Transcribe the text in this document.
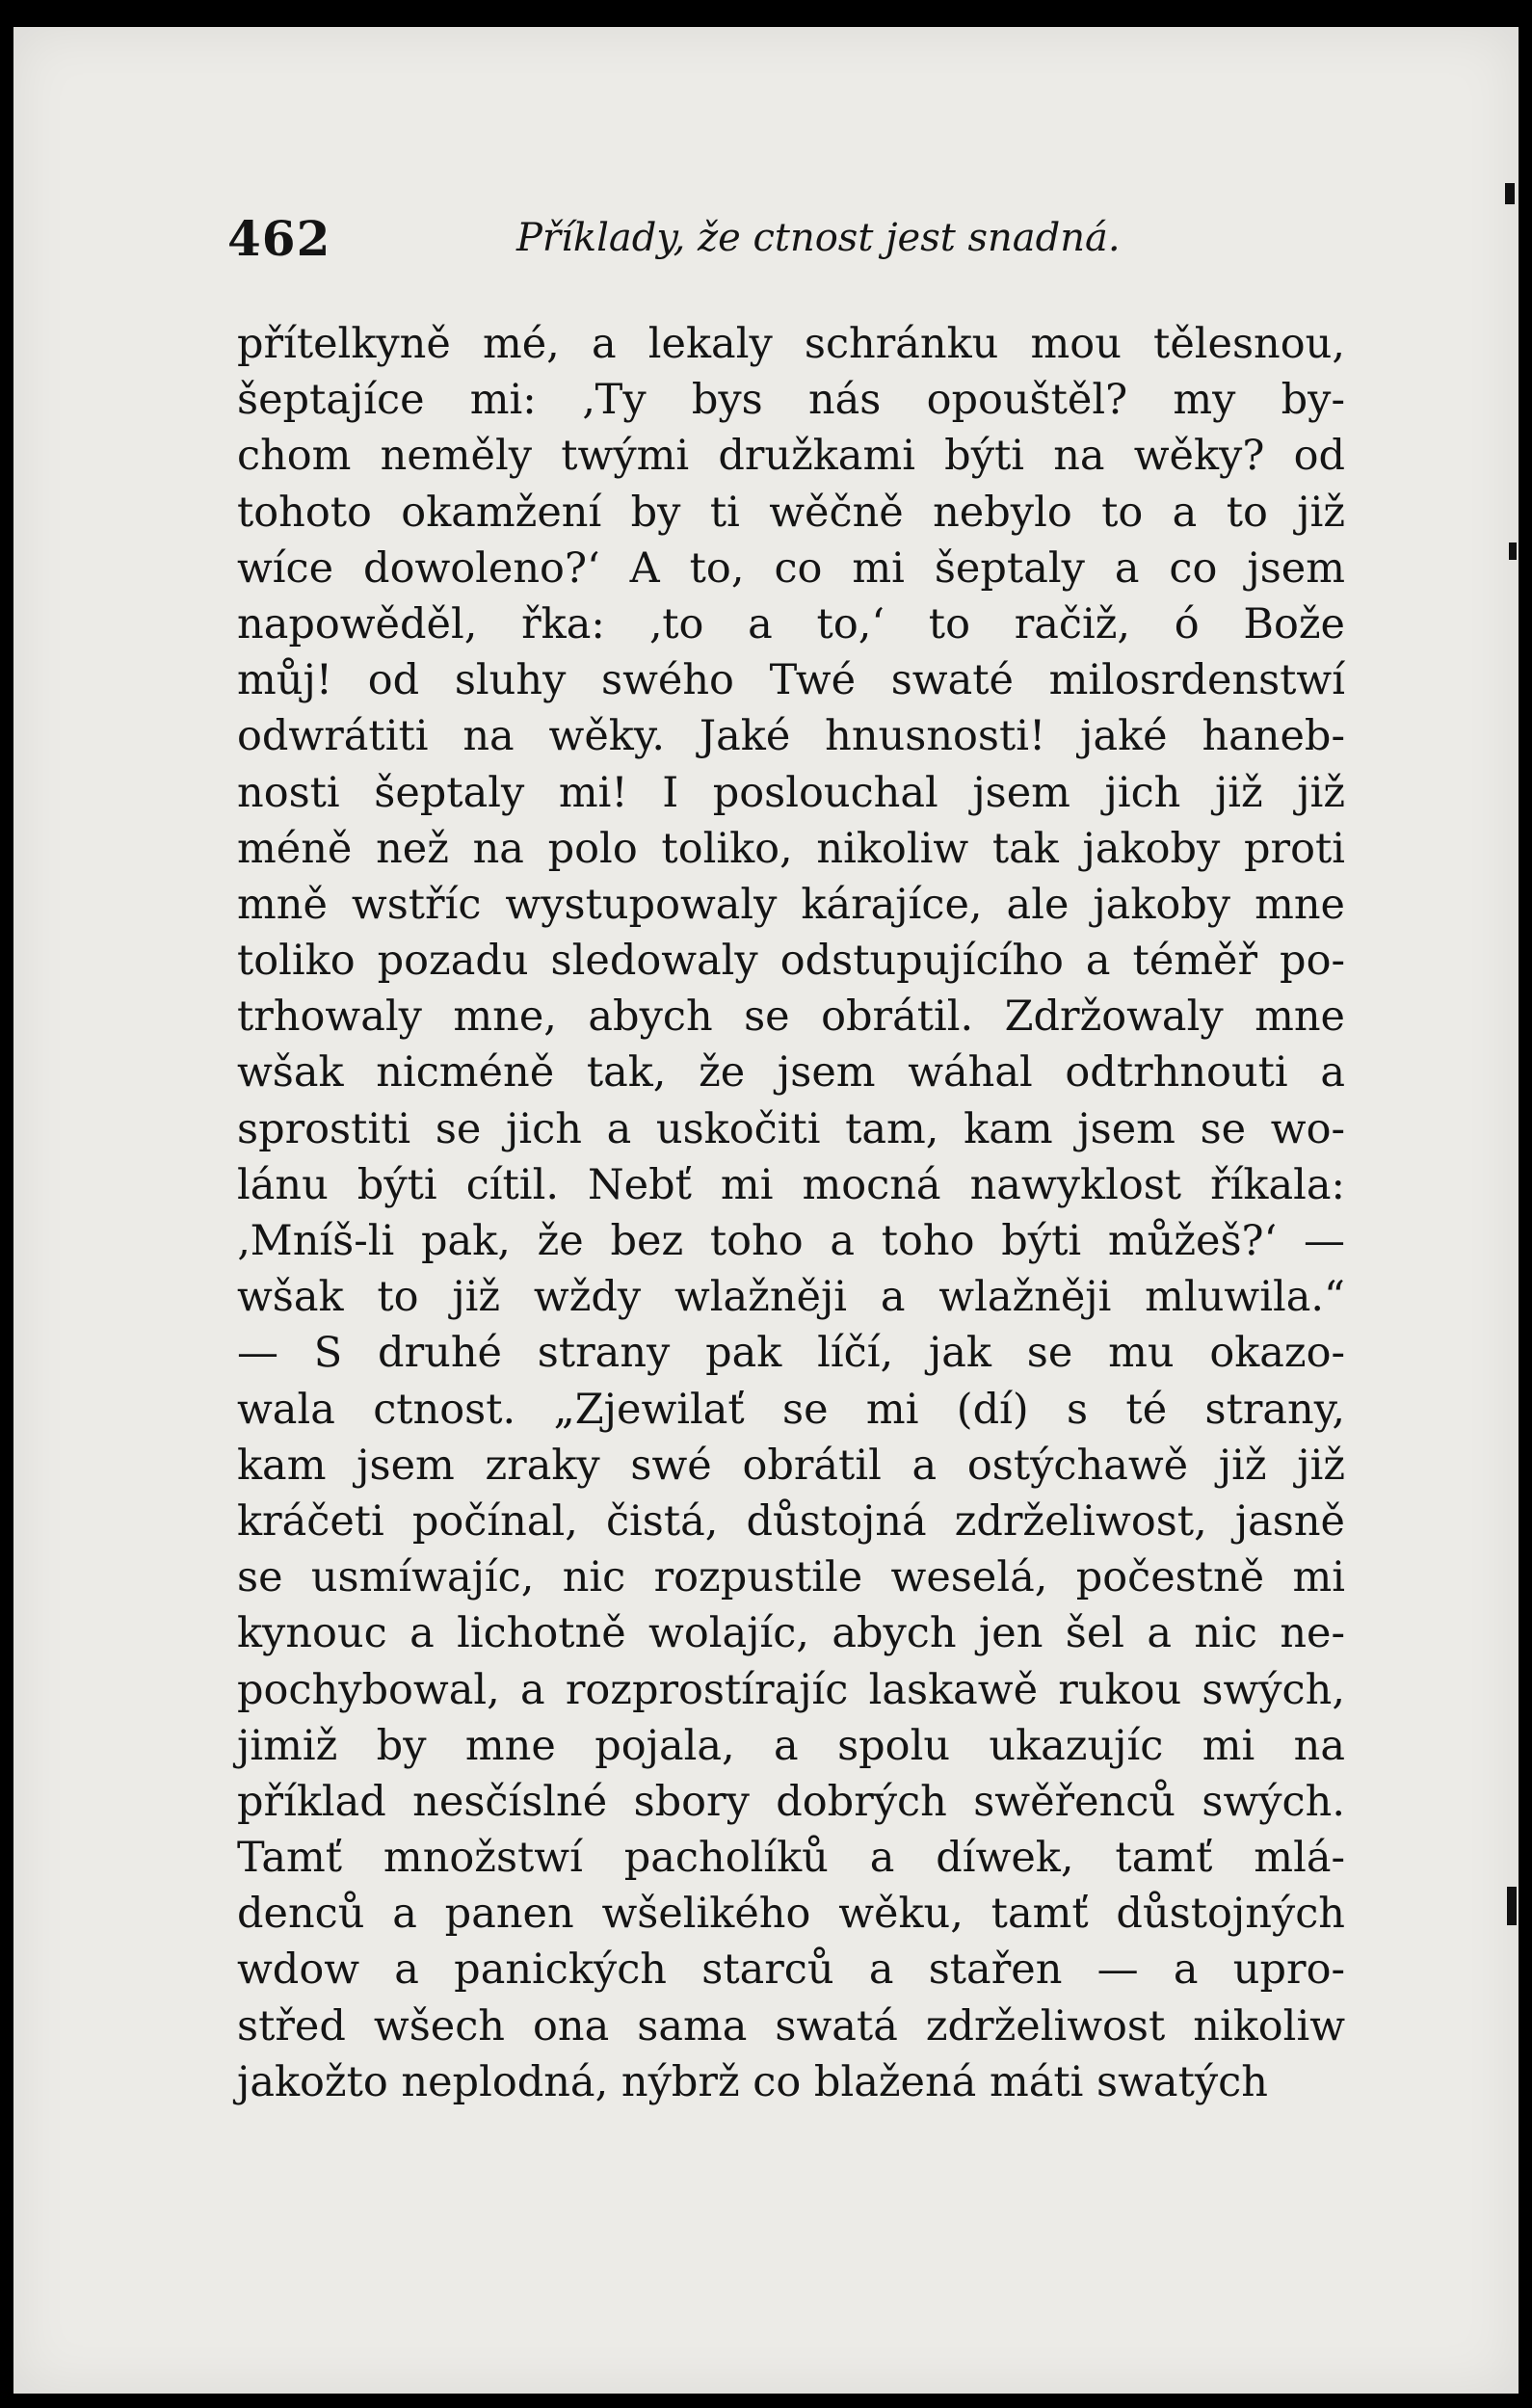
462	Příklady, že ctnost jest snadná.
přítelkyně mé, a lekaly schránku mou tělesnou,
šeptajíce mi: ‚Ty bys nás opouštěl? my by-
chom neměly twými družkami býti na wěky? od
tohoto okamžení by ti wěčně nebylo to a to již
wíce dowoleno?‘ A to, co mi šeptaly a co jsem
napowěděl, řka: ‚to a to,‘ to račiž, ó Bože
můj! od sluhy swého Twé swaté milosrdenstwí
odwrátiti na wěky. Jaké hnusnosti! jaké haneb-
nosti šeptaly mi! I poslouchal jsem jich již již
méně než na polo toliko, nikoliw tak jakoby proti
mně wstříc wystupowaly kárajíce, ale jakoby mne
toliko pozadu sledowaly odstupujícího a téměř po-
trhowaly mne, abych se obrátil. Zdržowaly mne
wšak nicméně tak, že jsem wáhal odtrhnouti a
sprostiti se jich a uskočiti tam, kam jsem se wo-
lánu býti cítil. Nebť mi mocná nawyklost říkala:
‚Mníš-li pak, že bez toho a toho býti můžeš?‘ —
wšak to již wždy wlažněji a wlažněji mluwila.“
— S druhé strany pak líčí, jak se mu okazo-
wala ctnost. „Zjewilať se mi (dí) s té strany,
kam jsem zraky swé obrátil a ostýchawě již již
kráčeti počínal, čistá, důstojná zdrželiwost, jasně
se usmíwajíc, nic rozpustile weselá, počestně mi
kynouc a lichotně wolajíc, abych jen šel a nic ne-
pochybowal, a rozprostírajíc laskawě rukou swých,
jimiž by mne pojala, a spolu ukazujíc mi na
příklad nesčíslné sbory dobrých swěřenců swých.
Tamť množstwí pacholíků a díwek, tamť mlá-
denců a panen wšelikého wěku, tamť důstojných
wdow a panických starců a stařen — a upro-
střed wšech ona sama swatá zdrželiwost nikoliw
jakožto neplodná, nýbrž co blažená máti swatých
